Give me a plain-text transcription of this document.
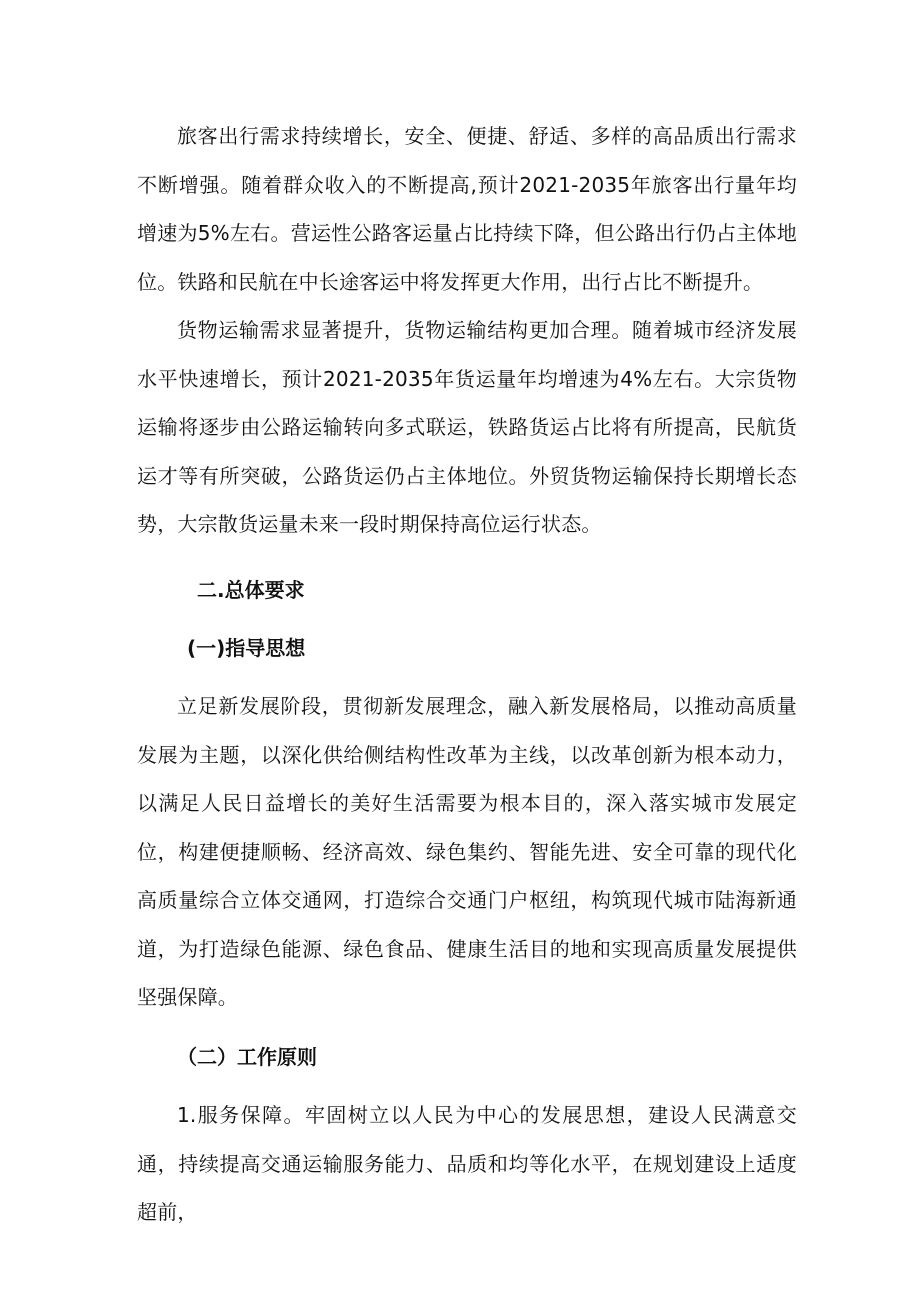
旅客出行需求持续增长，安全、便捷、舒适、多样的高品质出行需求不断增强。随着群众收入的不断提高,预计2021-2035年旅客出行量年均增速为5%左右。营运性公路客运量占比持续下降，但公路出行仍占主体地位。铁路和民航在中长途客运中将发挥更大作用，出行占比不断提升。

货物运输需求显著提升，货物运输结构更加合理。随着城市经济发展水平快速增长，预计2021-2035年货运量年均增速为4%左右。大宗货物运输将逐步由公路运输转向多式联运，铁路货运占比将有所提高，民航货运才等有所突破，公路货运仍占主体地位。外贸货物运输保持长期增长态势，大宗散货运量未来一段时期保持高位运行状态。

二.总体要求
(一)指导思想

立足新发展阶段，贯彻新发展理念，融入新发展格局，以推动高质量发展为主题，以深化供给侧结构性改革为主线，以改革创新为根本动力，以满足人民日益增长的美好生活需要为根本目的，深入落实城市发展定位，构建便捷顺畅、经济高效、绿色集约、智能先进、安全可靠的现代化高质量综合立体交通网，打造综合交通门户枢纽，构筑现代城市陆海新通道，为打造绿色能源、绿色食品、健康生活目的地和实现高质量发展提供坚强保障。

（二）工作原则

1.服务保障。牢固树立以人民为中心的发展思想，建设人民满意交通，持续提高交通运输服务能力、品质和均等化水平，在规划建设上适度超前，
